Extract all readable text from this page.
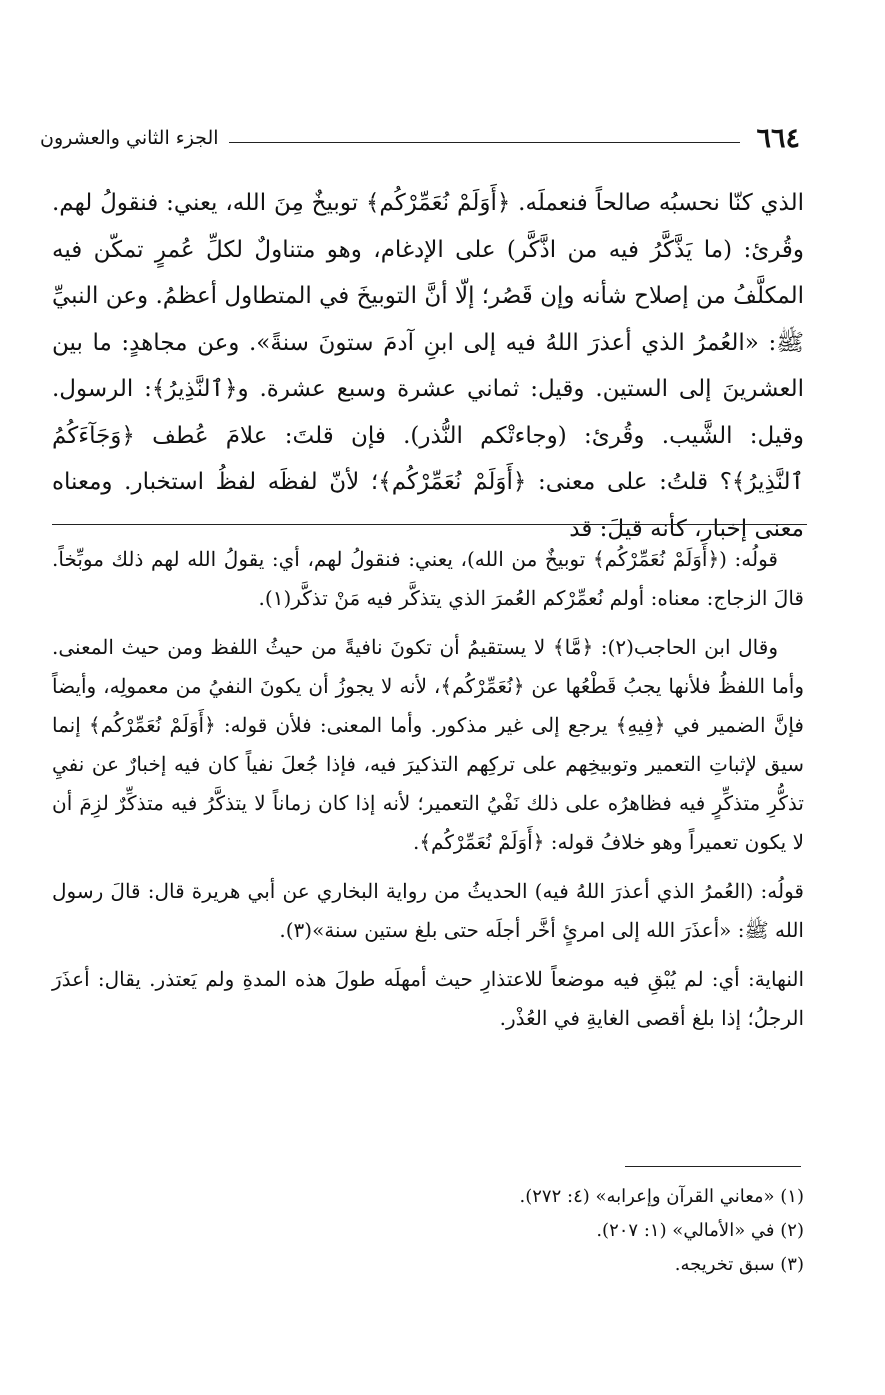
٦٦٤
الجزء الثاني والعشرون

الذي كنّا نحسبُه صالحاً فنعملَه. ﴿أَوَلَمْ نُعَمِّرْكُم﴾ توبيخٌ مِنَ الله، يعني: فنقولُ لهم. وقُرئ: (ما يَذَّكَّرُ فيه من اذَّكَّر) على الإدغام، وهو متناولٌ لكلِّ عُمرٍ تمكّن فيه المكلَّفُ من إصلاح شأنه وإن قَصُر؛ إلّا أنَّ التوبيخَ في المتطاول أعظمُ. وعن النبيِّ ﷺ: «العُمرُ الذي أعذرَ اللهُ فيه إلى ابنِ آدمَ ستونَ سنةً». وعن مجاهدٍ: ما بين العشرينَ إلى الستين. وقيل: ثماني عشرة وسبع عشرة. و﴿ٱلنَّذِيرُ﴾: الرسول. وقيل: الشَّيب. وقُرئ: (وجاءتْكم النُّذر). فإن قلتَ: علامَ عُطف ﴿وَجَآءَكُمُ ٱلنَّذِيرُ﴾؟ قلتُ: على معنى: ﴿أَوَلَمْ نُعَمِّرْكُم﴾؛ لأنّ لفظَه لفظُ استخبار. ومعناه معنى إخبار، كأنه قيلَ: قد

قولُه: (﴿أَوَلَمْ نُعَمِّرْكُم﴾ توبيخٌ من الله)، يعني: فنقولُ لهم، أي: يقولُ الله لهم ذلك موبِّخاً. قالَ الزجاج: معناه: أولم نُعمِّرْكم العُمرَ الذي يتذكَّر فيه مَنْ تذكَّر(١).

وقال ابن الحاجب(٢): ﴿مَّا﴾ لا يستقيمُ أن تكونَ نافيةً من حيثُ اللفظ ومن حيث المعنى. وأما اللفظُ فلأنها يجبُ قَطْعُها عن ﴿نُعَمِّرْكُم﴾، لأنه لا يجوزُ أن يكونَ النفيُ من معمولِه، وأيضاً فإنَّ الضمير في ﴿فِيهِ﴾ يرجع إلى غير مذكور. وأما المعنى: فلأن قوله: ﴿أَوَلَمْ نُعَمِّرْكُم﴾ إنما سيق لإثباتِ التعمير وتوبيخِهم على تركِهم التذكيرَ فيه، فإذا جُعلَ نفياً كان فيه إخبارٌ عن نفيِ تذكُّرِ متذكِّرٍ فيه فظاهرُه على ذلك نَفْيُ التعمير؛ لأنه إذا كان زماناً لا يتذكَّرُ فيه متذكِّرٌ لزِمَ أن لا يكون تعميراً وهو خلافُ قوله: ﴿أَوَلَمْ نُعَمِّرْكُم﴾.

قولُه: (العُمرُ الذي أعذرَ اللهُ فيه) الحديثُ من رواية البخاري عن أبي هريرة قال: قالَ رسول الله ﷺ: «أعذَرَ الله إلى امرئٍ أخَّر أجلَه حتى بلغ ستين سنة»(٣).

النهاية: أي: لم يُبْقِ فيه موضعاً للاعتذارِ حيث أمهلَه طولَ هذه المدةِ ولم يَعتذر. يقال: أعذَرَ الرجلُ؛ إذا بلغ أقصى الغايةِ في العُذْر.

(١) «معاني القرآن وإعرابه» (٤: ٢٧٢).
(٢) في «الأمالي» (١: ٢٠٧).
(٣) سبق تخريجه.
